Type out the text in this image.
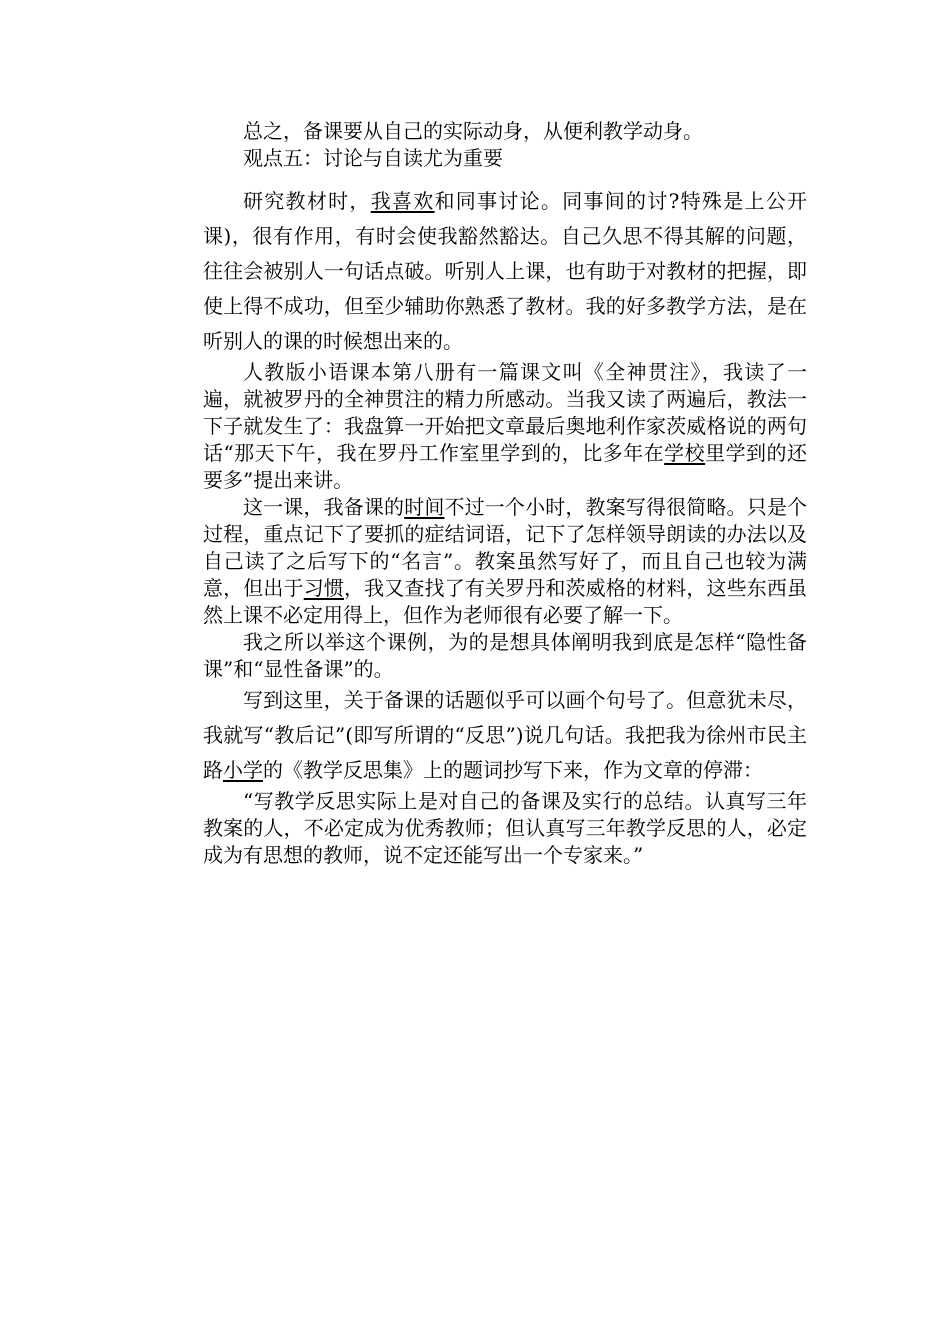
总之，备课要从自己的实际动身，从便利教学动身。

观点五：讨论与自读尤为重要

研究教材时，我喜欢和同事讨论。同事间的讨?特殊是上公开课)，很有作用，有时会使我豁然豁达。自己久思不得其解的问题，往往会被别人一句话点破。听别人上课，也有助于对教材的把握，即使上得不成功，但至少辅助你熟悉了教材。我的好多教学方法，是在听别人的课的时候想出来的。

人教版小语课本第八册有一篇课文叫《全神贯注》，我读了一遍，就被罗丹的全神贯注的精力所感动。当我又读了两遍后，教法一下子就发生了：我盘算一开始把文章最后奥地利作家茨威格说的两句话“那天下午，我在罗丹工作室里学到的，比多年在学校里学到的还要多”提出来讲。

这一课，我备课的时间不过一个小时，教案写得很简略。只是个过程，重点记下了要抓的症结词语，记下了怎样领导朗读的办法以及自己读了之后写下的“名言”。教案虽然写好了，而且自己也较为满意，但出于习惯，我又查找了有关罗丹和茨威格的材料，这些东西虽然上课不必定用得上，但作为老师很有必要了解一下。

我之所以举这个课例，为的是想具体阐明我到底是怎样“隐性备课”和“显性备课”的。

写到这里，关于备课的话题似乎可以画个句号了。但意犹未尽，我就写“教后记”(即写所谓的“反思”)说几句话。我把我为徐州市民主路小学的《教学反思集》上的题词抄写下来，作为文章的停滞：

“写教学反思实际上是对自己的备课及实行的总结。认真写三年教案的人，不必定成为优秀教师；但认真写三年教学反思的人，必定成为有思想的教师，说不定还能写出一个专家来。”
